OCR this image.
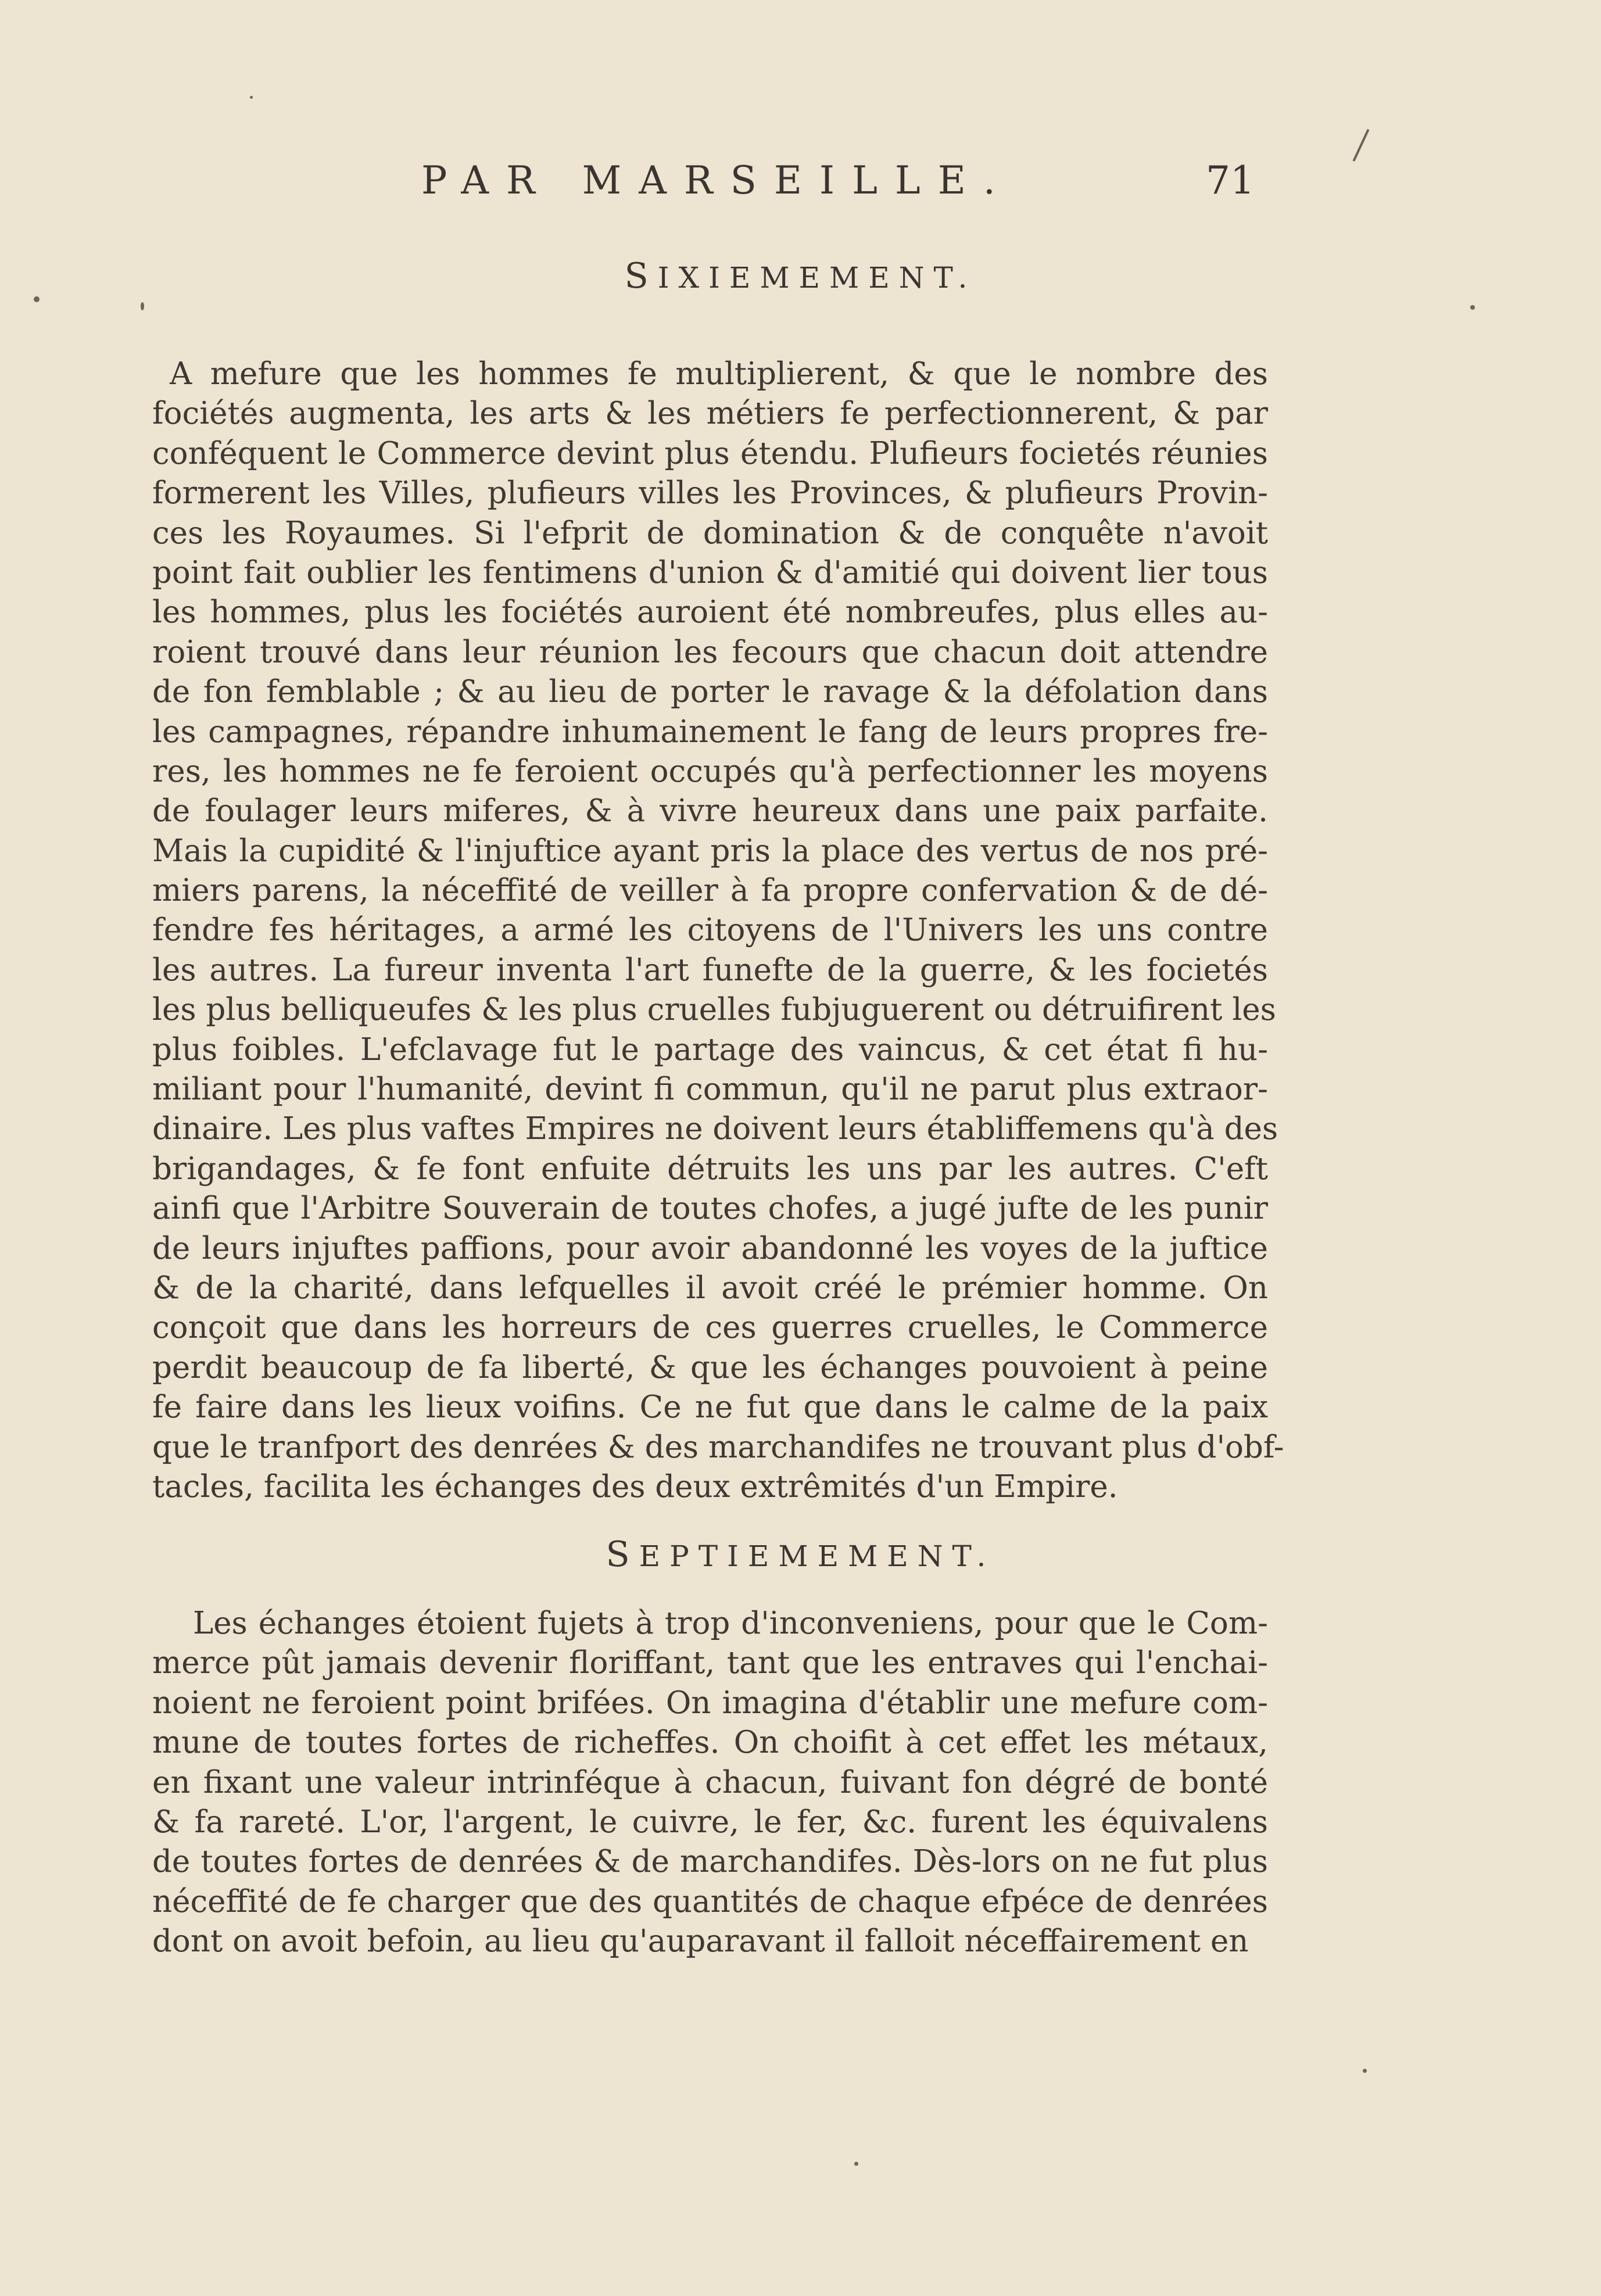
PAR MARSEILLE.	71
SIXIEMEMENT.
A mefure que les hommes fe multiplierent, & que le nombre des
fociétés augmenta, les arts & les métiers fe perfectionnerent, & par
conféquent le Commerce devint plus étendu. Plufieurs focietés réunies
formerent les Villes, plufieurs villes les Provinces, & plufieurs Provin-
ces les Royaumes. Si l'efprit de domination & de conquête n'avoit
point fait oublier les fentimens d'union & d'amitié qui doivent lier tous
les hommes, plus les fociétés auroient été nombreufes, plus elles au-
roient trouvé dans leur réunion les fecours que chacun doit attendre
de fon femblable ; & au lieu de porter le ravage & la défolation dans
les campagnes, répandre inhumainement le fang de leurs propres fre-
res, les hommes ne fe feroient occupés qu'à perfectionner les moyens
de foulager leurs miferes, & à vivre heureux dans une paix parfaite.
Mais la cupidité & l'injuftice ayant pris la place des vertus de nos pré-
miers parens, la néceffité de veiller à fa propre confervation & de dé-
fendre fes héritages, a armé les citoyens de l'Univers les uns contre
les autres. La fureur inventa l'art funefte de la guerre, & les focietés
les plus belliqueufes & les plus cruelles fubjuguerent ou détruifirent les
plus foibles. L'efclavage fut le partage des vaincus, & cet état fi hu-
miliant pour l'humanité, devint fi commun, qu'il ne parut plus extraor-
dinaire. Les plus vaftes Empires ne doivent leurs établiffemens qu'à des
brigandages, & fe font enfuite détruits les uns par les autres. C'eft
ainfi que l'Arbitre Souverain de toutes chofes, a jugé jufte de les punir
de leurs injuftes paffions, pour avoir abandonné les voyes de la juftice
& de la charité, dans lefquelles il avoit créé le prémier homme. On
conçoit que dans les horreurs de ces guerres cruelles, le Commerce
perdit beaucoup de fa liberté, & que les échanges pouvoient à peine
fe faire dans les lieux voifins. Ce ne fut que dans le calme de la paix
que le tranfport des denrées & des marchandifes ne trouvant plus d'obf-
tacles, facilita les échanges des deux extrêmités d'un Empire.
SEPTIEMEMENT.
Les échanges étoient fujets à trop d'inconveniens, pour que le Com-
merce pût jamais devenir floriffant, tant que les entraves qui l'enchai-
noient ne feroient point brifées. On imagina d'établir une mefure com-
mune de toutes fortes de richeffes. On choifit à cet effet les métaux,
en fixant une valeur intrinféque à chacun, fuivant fon dégré de bonté
& fa rareté. L'or, l'argent, le cuivre, le fer, &c. furent les équivalens
de toutes fortes de denrées & de marchandifes. Dès-lors on ne fut plus
néceffité de fe charger que des quantités de chaque efpéce de denrées
dont on avoit befoin, au lieu qu'auparavant il falloit néceffairement en
